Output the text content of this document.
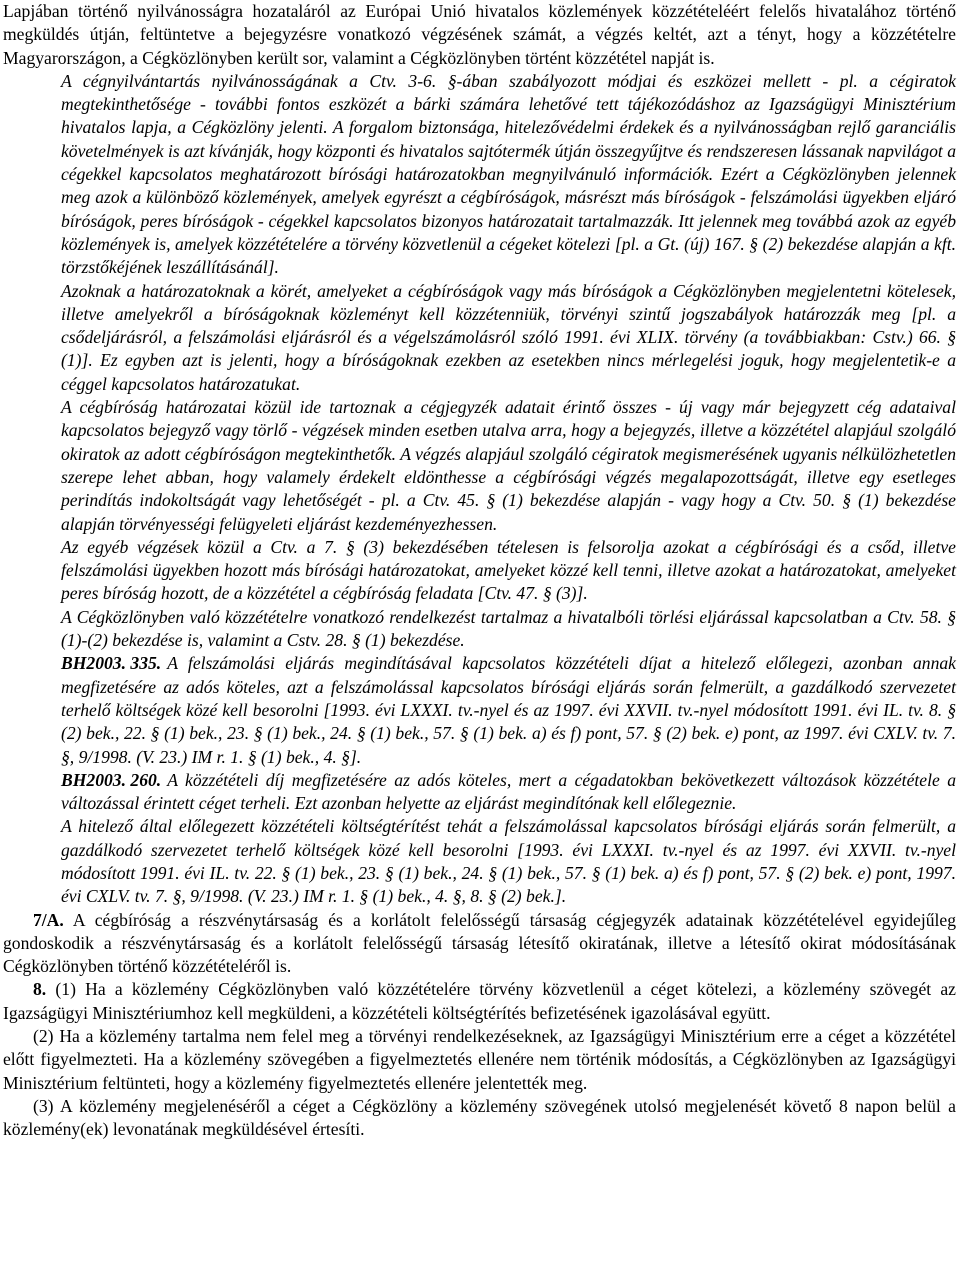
Lapjában történő nyilvánosságra hozataláról az Európai Unió hivatalos közlemények közzétételéért felelős hivatalához történő megküldés útján, feltüntetve a bejegyzésre vonatkozó végzésének számát, a végzés keltét, azt a tényt, hogy a közzétételre Magyarországon, a Cégközlönyben került sor, valamint a Cégközlönyben történt közzététel napját is.

A cégnyilvántartás nyilvánosságának a Ctv. 3-6. §-ában szabályozott módjai és eszközei mellett - pl. a cégiratok megtekinthetősége - további fontos eszközét a bárki számára lehetővé tett tájékozódáshoz az Igazságügyi Minisztérium hivatalos lapja, a Cégközlöny jelenti. A forgalom biztonsága, hitelezővédelmi érdekek és a nyilvánosságban rejlő garanciális követelmények is azt kívánják, hogy központi és hivatalos sajtótermék útján összegyűjtve és rendszeresen lássanak napvilágot a cégekkel kapcsolatos meghatározott bírósági határozatokban megnyilvánuló információk. Ezért a Cégközlönyben jelennek meg azok a különböző közlemények, amelyek egyrészt a cégbíróságok, másrészt más bíróságok - felszámolási ügyekben eljáró bíróságok, peres bíróságok - cégekkel kapcsolatos bizonyos határozatait tartalmazzák. Itt jelennek meg továbbá azok az egyéb közlemények is, amelyek közzétételére a törvény közvetlenül a cégeket kötelezi [pl. a Gt. (új) 167. § (2) bekezdése alapján a kft. törzstőkéjének leszállításánál].

Azoknak a határozatoknak a körét, amelyeket a cégbíróságok vagy más bíróságok a Cégközlönyben megjelentetni kötelesek, illetve amelyekről a bíróságoknak közleményt kell közzétenniük, törvényi szintű jogszabályok határozzák meg [pl. a csődeljárásról, a felszámolási eljárásról és a végelszámolásról szóló 1991. évi XLIX. törvény (a továbbiakban: Cstv.) 66. § (1)]. Ez egyben azt is jelenti, hogy a bíróságoknak ezekben az esetekben nincs mérlegelési joguk, hogy megjelentetik-e a céggel kapcsolatos határozatukat.

A cégbíróság határozatai közül ide tartoznak a cégjegyzék adatait érintő összes - új vagy már bejegyzett cég adataival kapcsolatos bejegyző vagy törlő - végzések minden esetben utalva arra, hogy a bejegyzés, illetve a közzététel alapjául szolgáló okiratok az adott cégbíróságon megtekinthetők. A végzés alapjául szolgáló cégiratok megismerésének ugyanis nélkülözhetetlen szerepe lehet abban, hogy valamely érdekelt eldönthesse a cégbírósági végzés megalapozottságát, illetve egy esetleges perindítás indokoltságát vagy lehetőségét - pl. a Ctv. 45. § (1) bekezdése alapján - vagy hogy a Ctv. 50. § (1) bekezdése alapján törvényességi felügyeleti eljárást kezdeményezhessen.

Az egyéb végzések közül a Ctv. a 7. § (3) bekezdésében tételesen is felsorolja azokat a cégbírósági és a csőd, illetve felszámolási ügyekben hozott más bírósági határozatokat, amelyeket közzé kell tenni, illetve azokat a határozatokat, amelyeket peres bíróság hozott, de a közzététel a cégbíróság feladata [Ctv. 47. § (3)].

A Cégközlönyben való közzétételre vonatkozó rendelkezést tartalmaz a hivatalbóli törlési eljárással kapcsolatban a Ctv. 58. § (1)-(2) bekezdése is, valamint a Cstv. 28. § (1) bekezdése.

BH2003. 335. A felszámolási eljárás megindításával kapcsolatos közzétételi díjat a hitelező előlegezi, azonban annak megfizetésére az adós köteles, azt a felszámolással kapcsolatos bírósági eljárás során felmerült, a gazdálkodó szervezetet terhelő költségek közé kell besorolni [1993. évi LXXXI. tv.-nyel és az 1997. évi XXVII. tv.-nyel módosított 1991. évi IL. tv. 8. § (2) bek., 22. § (1) bek., 23. § (1) bek., 24. § (1) bek., 57. § (1) bek. a) és f) pont, 57. § (2) bek. e) pont, az 1997. évi CXLV. tv. 7. §, 9/1998. (V. 23.) IM r. 1. § (1) bek., 4. §].

BH2003. 260. A közzétételi díj megfizetésére az adós köteles, mert a cégadatokban bekövetkezett változások közzététele a változással érintett céget terheli. Ezt azonban helyette az eljárást megindítónak kell előlegeznie.

A hitelező által előlegezett közzétételi költségtérítést tehát a felszámolással kapcsolatos bírósági eljárás során felmerült, a gazdálkodó szervezetet terhelő költségek közé kell besorolni [1993. évi LXXXI. tv.-nyel és az 1997. évi XXVII. tv.-nyel módosított 1991. évi IL. tv. 22. § (1) bek., 23. § (1) bek., 24. § (1) bek., 57. § (1) bek. a) és f) pont, 57. § (2) bek. e) pont, 1997. évi CXLV. tv. 7. §, 9/1998. (V. 23.) IM r. 1. § (1) bek., 4. §, 8. § (2) bek.].

7/A. A cégbíróság a részvénytársaság és a korlátolt felelősségű társaság cégjegyzék adatainak közzétételével egyidejűleg gondoskodik a részvénytársaság és a korlátolt felelősségű társaság létesítő okiratának, illetve a létesítő okirat módosításának Cégközlönyben történő közzétételéről is.

8. (1) Ha a közlemény Cégközlönyben való közzétételére törvény közvetlenül a céget kötelezi, a közlemény szövegét az Igazságügyi Minisztériumhoz kell megküldeni, a közzétételi költségtérítés befizetésének igazolásával együtt.

(2) Ha a közlemény tartalma nem felel meg a törvényi rendelkezéseknek, az Igazságügyi Minisztérium erre a céget a közzététel előtt figyelmezteti. Ha a közlemény szövegében a figyelmeztetés ellenére nem történik módosítás, a Cégközlönyben az Igazságügyi Minisztérium feltünteti, hogy a közlemény figyelmeztetés ellenére jelentették meg.

(3) A közlemény megjelenéséről a céget a Cégközlöny a közlemény szövegének utolsó megjelenését követő 8 napon belül a közlemény(ek) levonatának megküldésével értesíti.
